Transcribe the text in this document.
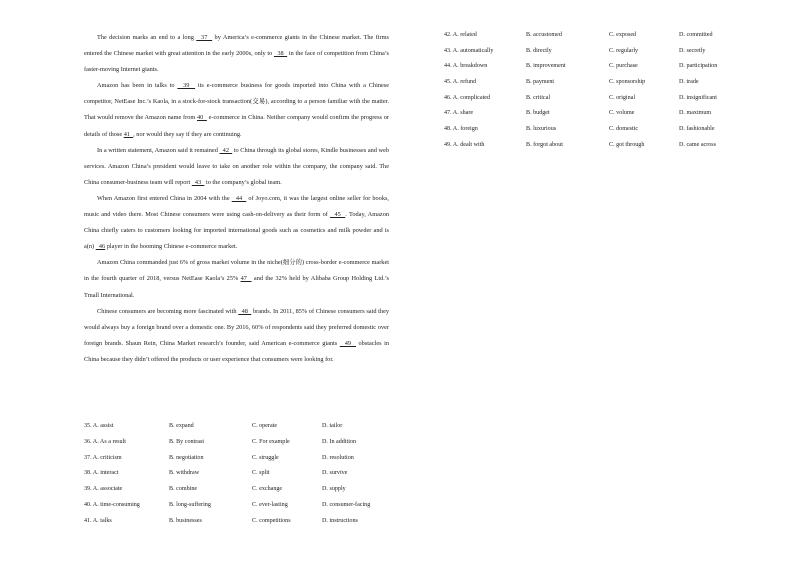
The decision marks an end to a long   37   by America’s e-commerce giants in the Chinese market. The firms entered the Chinese market with great attention in the early 2000s, only to   38   in the face of competition from China’s faster-moving Internet giants.

Amazon has been in talks to   39   its e-commerce business for goods imported into China with a Chinese competitor, NetEase Inc.’s Kaola, in a stock-for-stock transaction(交易), according to a person familiar with the matter. That would remove the Amazon name from 40   e-commerce in China. Neither company would confirm the progress or details of those 41  , nor would they say if they are continuing.

In a written statement, Amazon said it remained   42   to China through its global stores, Kindle businesses and web services. Amazon China’s president would leave to take on another role within the company, the company said. The China consumer-business team will report   43   to the company’s global team.

When Amazon first entered China in 2004 with the   44   of Joyo.com, it was the largest online seller for books, music and video there. Most Chinese consumers were using cash-on-delivery as their form of   45  . Today, Amazon China chiefly caters to customers looking for imported international goods such as cosmetics and milk powder and is a(n)   46 player in the booming Chinese e-commerce market.

Amazon China commanded just 6% of gross market volume in the niche(细分的) cross-border e-commerce market in the fourth quarter of 2018, versus NetEase Kaola’s 25% 47   and the 32% held by Alibaba Group Holding Ltd.’s Tmall International.

Chinese consumers are becoming more fascinated with   48   brands. In 2011, 85% of Chinese consumers said they would always buy a foreign brand over a domestic one. By 2016, 60% of respondents said they preferred domestic over foreign brands. Shaun Rein, China Market research’s founder, said American e-commerce giants   49   obstacles in China because they didn’t offered the products or user experience that consumers were looking for.

35. A. assist	B. expand	C. operate	D. tailor
36. A. As a result	B. By contrast	C. For example	D. In addition
37. A. criticism	B. negotiation	C. struggle	D. resolution
38. A. interact	B. withdraw	C. split	D. survive
39. A. associate	B. combine	C. exchange	D. supply
40. A. time-consuming	B. long-suffering	C. ever-lasting	D. consumer-facing
41. A. talks	B. businesses	C. competitions	D. instructions
42. A. related	B. accustomed	C. exposed	D. committed
43. A. automatically	B. directly	C. regularly	D. secretly
44. A. breakdown	B. improvement	C. purchase	D. participation
45. A. refund	B. payment	C. sponsorship	D. trade
46. A. complicated	B. critical	C. original	D. insignificant
47. A. share	B. budget	C. volume	D. maximum
48. A. foreign	B. luxurious	C. domestic	D. fashionable
49. A. dealt with	B. forgot about	C. got through	D. came across
